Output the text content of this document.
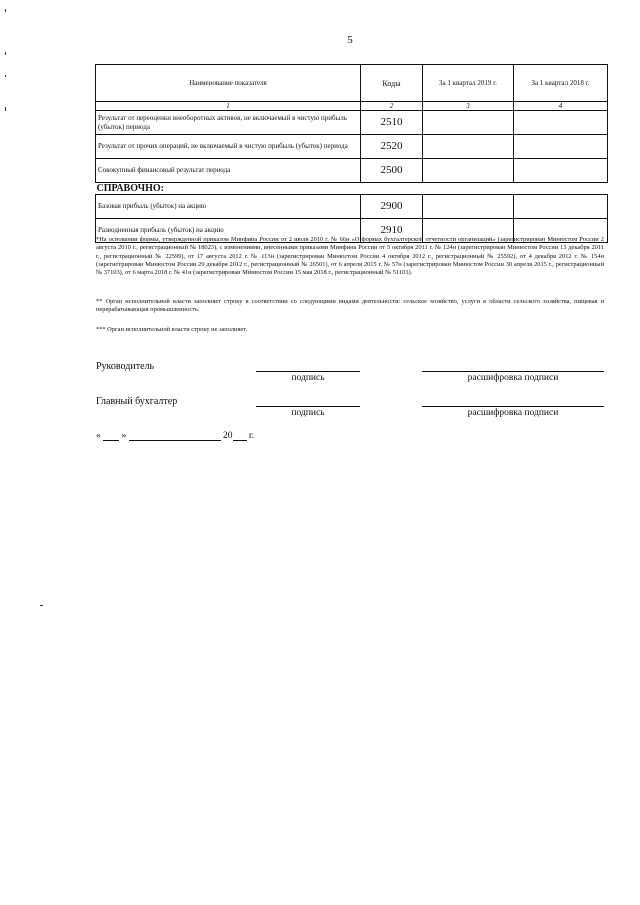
5
Наименование показателя	Коды	За 1 квартал 2019 г.	За 1 квартал 2018 г.
1	2	3	4
Результат от переоценки внеоборотных активов, не включаемый в чистую прибыль (убыток) периода	2510		
Результат от прочих операций, не включаемый в чистую прибыль (убыток) периода	2520		
Совокупный финансовый результат периода	2500		
СПРАВОЧНО:			
Базовая прибыль (убыток) на акцию	2900		
Разводненная прибыль (убыток) на акцию	2910		
*На основании формы, утвержденной приказом Минфина России от 2 июля 2010 г. № 66н «О формах бухгалтерской отчетности организаций» (зарегистрирован Минюстом России 2 августа 2010 г., регистрационный № 18023), с изменениями, внесенными приказами Минфина России от 5 октября 2011 г. № 124н (зарегистрирован Минюстом России 13 декабря 2011 г., регистрационный № 22599), от 17 августа 2012 г. № 113н (зарегистрирован Минюстом России 4 октября 2012 г., регистрационный № 25592), от 4 декабря 2012 г. № 154н (зарегистрирован Минюстом России 29 декабря 2012 г., регистрационный № 26501), от 6 апреля 2015 г. № 57н (зарегистрирован Минюстом России 30 апреля 2015 г., регистрационный № 37103), от 6 марта 2018 г. № 41н (зарегистрирован Минюстом России 15 мая 2018 г., регистрационный № 51103).
** Орган исполнительной власти заполняет строку в соответствии со следующими видами деятельности: сельское хозяйство, услуги в области сельского хозяйства, пищевая и перерабатывающая промышленность.
*** Орган исполнительной власти строку не заполняет.
Руководитель
подпись	расшифровка подписи
Главный бухгалтер
подпись	расшифровка подписи
« »	20 г.
